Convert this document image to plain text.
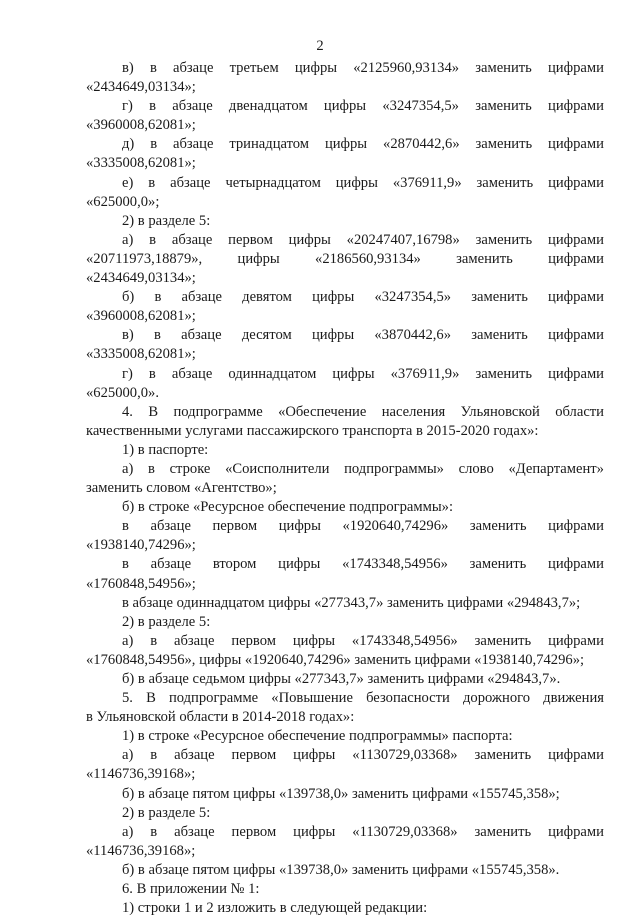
2
в) в абзаце третьем цифры «2125960,93134» заменить цифрами
«2434649,03134»;
г) в абзаце двенадцатом цифры «3247354,5» заменить цифрами
«3960008,62081»;
д) в абзаце тринадцатом цифры «2870442,6» заменить цифрами
«3335008,62081»;
е) в абзаце четырнадцатом цифры «376911,9» заменить цифрами
«625000,0»;
2) в разделе 5:
а) в абзаце первом цифры «20247407,16798» заменить цифрами
«20711973,18879», цифры «2186560,93134» заменить цифрами
«2434649,03134»;
б) в абзаце девятом цифры «3247354,5» заменить цифрами
«3960008,62081»;
в) в абзаце десятом цифры «3870442,6» заменить цифрами
«3335008,62081»;
г) в абзаце одиннадцатом цифры «376911,9» заменить цифрами
«625000,0».
4. В подпрограмме «Обеспечение населения Ульяновской области
качественными услугами пассажирского транспорта в 2015-2020 годах»:
1) в паспорте:
а) в строке «Соисполнители подпрограммы» слово «Департамент»
заменить словом «Агентство»;
б) в строке «Ресурсное обеспечение подпрограммы»:
в абзаце первом цифры «1920640,74296» заменить цифрами
«1938140,74296»;
в абзаце втором цифры «1743348,54956» заменить цифрами
«1760848,54956»;
в абзаце одиннадцатом цифры «277343,7» заменить цифрами «294843,7»;
2) в разделе 5:
а) в абзаце первом цифры «1743348,54956» заменить цифрами
«1760848,54956», цифры «1920640,74296» заменить цифрами «1938140,74296»;
б) в абзаце седьмом цифры «277343,7» заменить цифрами «294843,7».
5. В подпрограмме «Повышение безопасности дорожного движения
в Ульяновской области в 2014-2018 годах»:
1) в строке «Ресурсное обеспечение подпрограммы» паспорта:
а) в абзаце первом цифры «1130729,03368» заменить цифрами
«1146736,39168»;
б) в абзаце пятом цифры «139738,0» заменить цифрами «155745,358»;
2) в разделе 5:
а) в абзаце первом цифры «1130729,03368» заменить цифрами
«1146736,39168»;
б) в абзаце пятом цифры «139738,0» заменить цифрами «155745,358».
6. В приложении № 1:
1) строки 1 и 2 изложить в следующей редакции:
